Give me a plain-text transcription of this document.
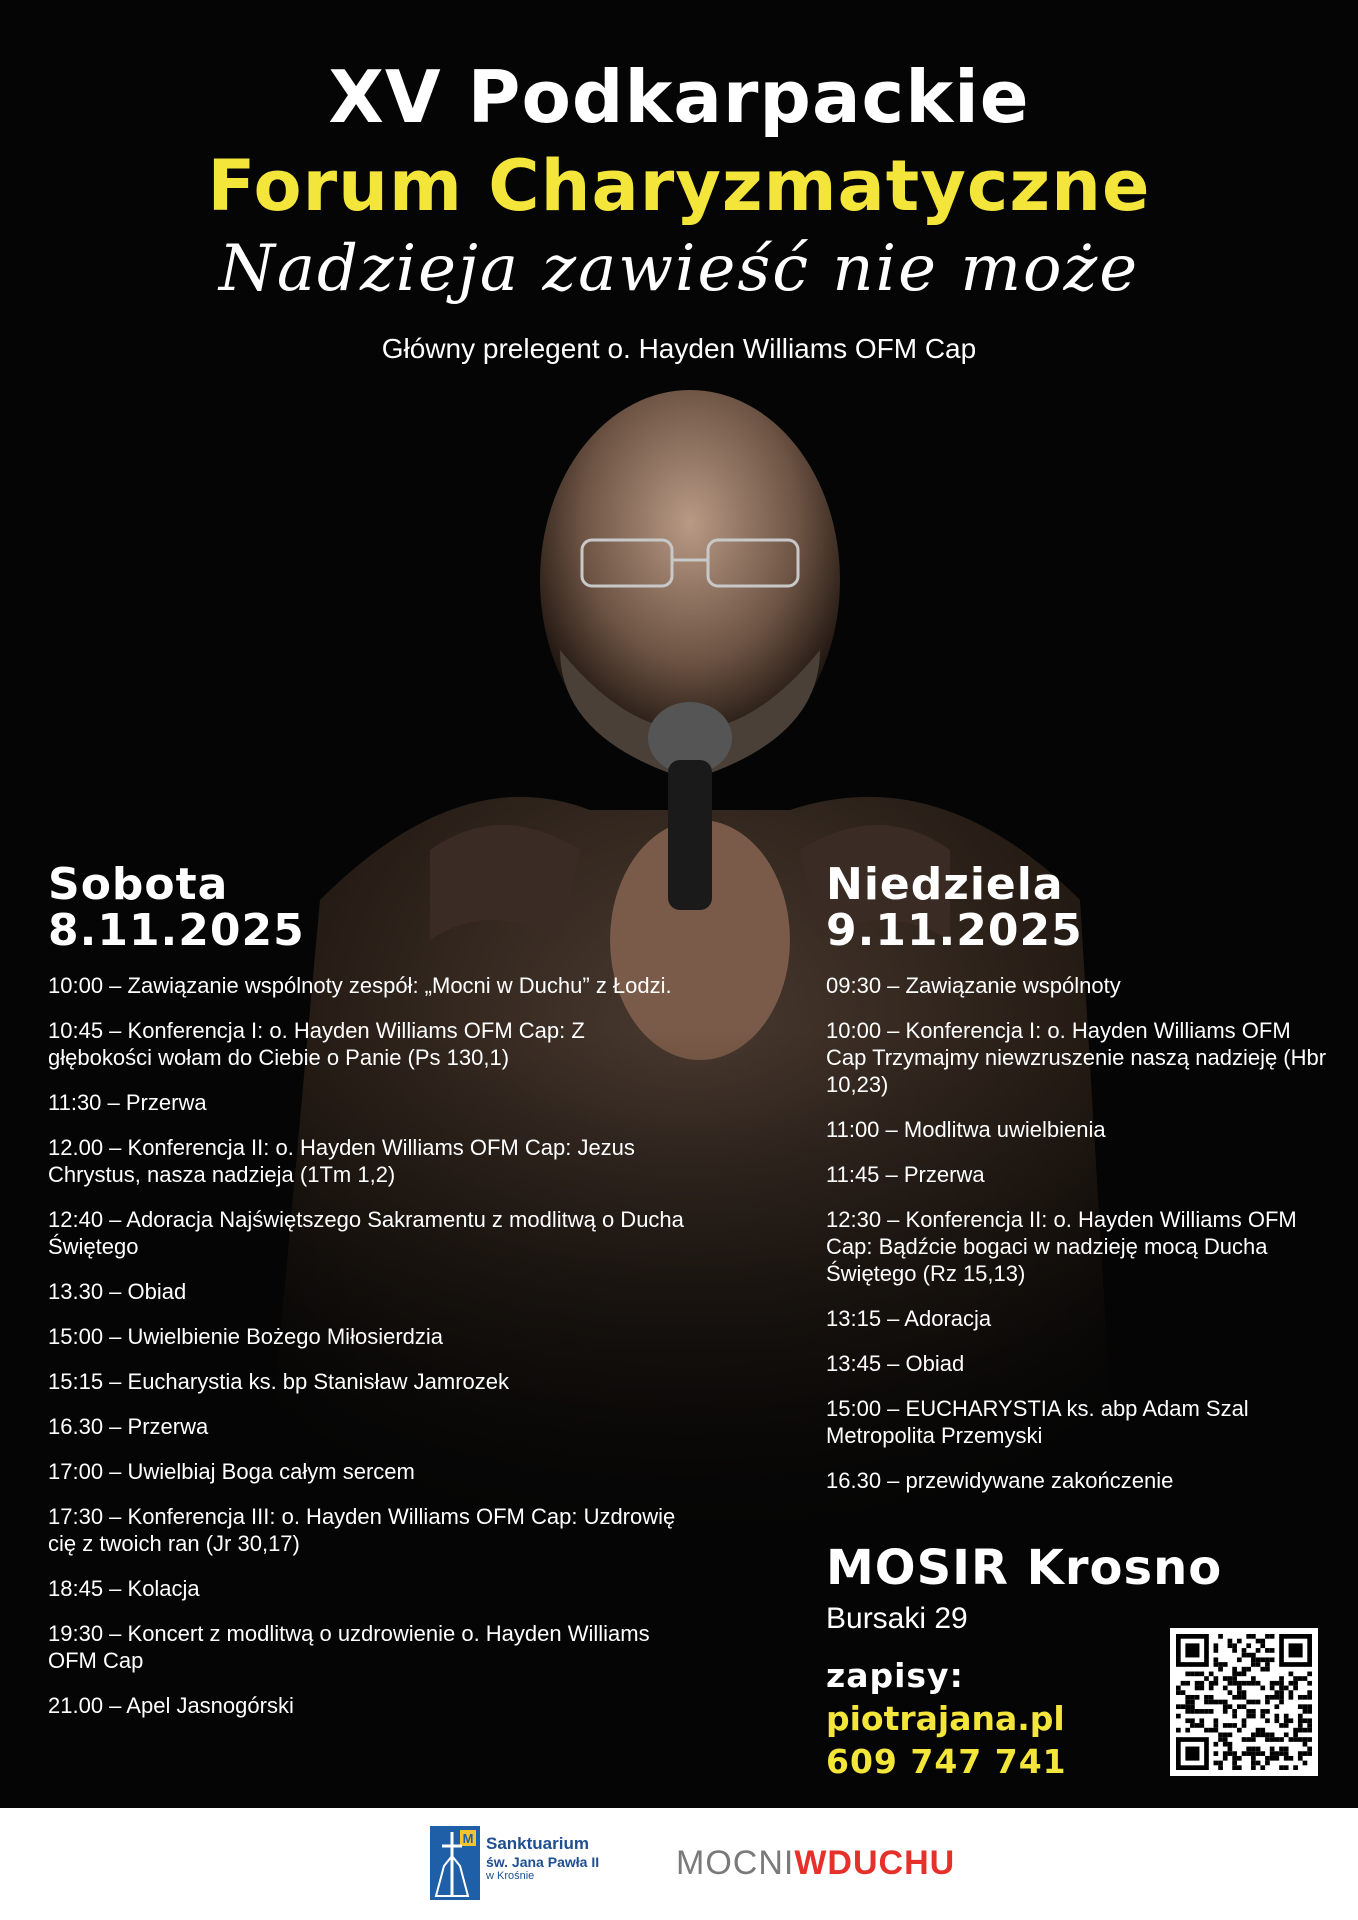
XV Podkarpackie
Forum Charyzmatyczne
Nadzieja zawieść nie może
Główny prelegent o. Hayden Williams OFM Cap
Sobota
8.11.2025
10:00 – Zawiązanie wspólnoty zespół: „Mocni w Duchu” z Łodzi.
10:45 – Konferencja I: o. Hayden Williams OFM Cap: Z głębokości wołam do Ciebie o Panie (Ps 130,1)
11:30 – Przerwa
12.00 – Konferencja II: o. Hayden Williams OFM Cap: Jezus Chrystus, nasza nadzieja (1Tm 1,2)
12:40 – Adoracja Najświętszego Sakramentu z modlitwą o Ducha Świętego
13.30 – Obiad
15:00 – Uwielbienie Bożego Miłosierdzia
15:15 – Eucharystia ks. bp Stanisław Jamrozek
16.30 – Przerwa
17:00 – Uwielbiaj Boga całym sercem
17:30 – Konferencja III: o. Hayden Williams OFM Cap: Uzdrowię cię z twoich ran (Jr 30,17)
18:45 – Kolacja
19:30 – Koncert z modlitwą o uzdrowienie o. Hayden Williams OFM Cap
21.00 – Apel Jasnogórski
Niedziela
9.11.2025
09:30 – Zawiązanie wspólnoty
10:00 – Konferencja I: o. Hayden Williams OFM Cap Trzymajmy niewzruszenie naszą nadzieję (Hbr 10,23)
11:00 – Modlitwa uwielbienia
11:45 – Przerwa
12:30 – Konferencja II: o. Hayden Williams OFM Cap: Bądźcie bogaci w nadzieję mocą Ducha Świętego (Rz 15,13)
13:15 – Adoracja
13:45 – Obiad
15:00 – EUCHARYSTIA ks. abp Adam Szal Metropolita Przemyski
16.30 – przewidywane zakończenie
MOSIR Krosno
Bursaki 29
zapisy:
piotrajana.pl
609 747 741
M Sanktuarium
św. Jana Pawła II
w Krośnie	MOCNIWDUCHU
